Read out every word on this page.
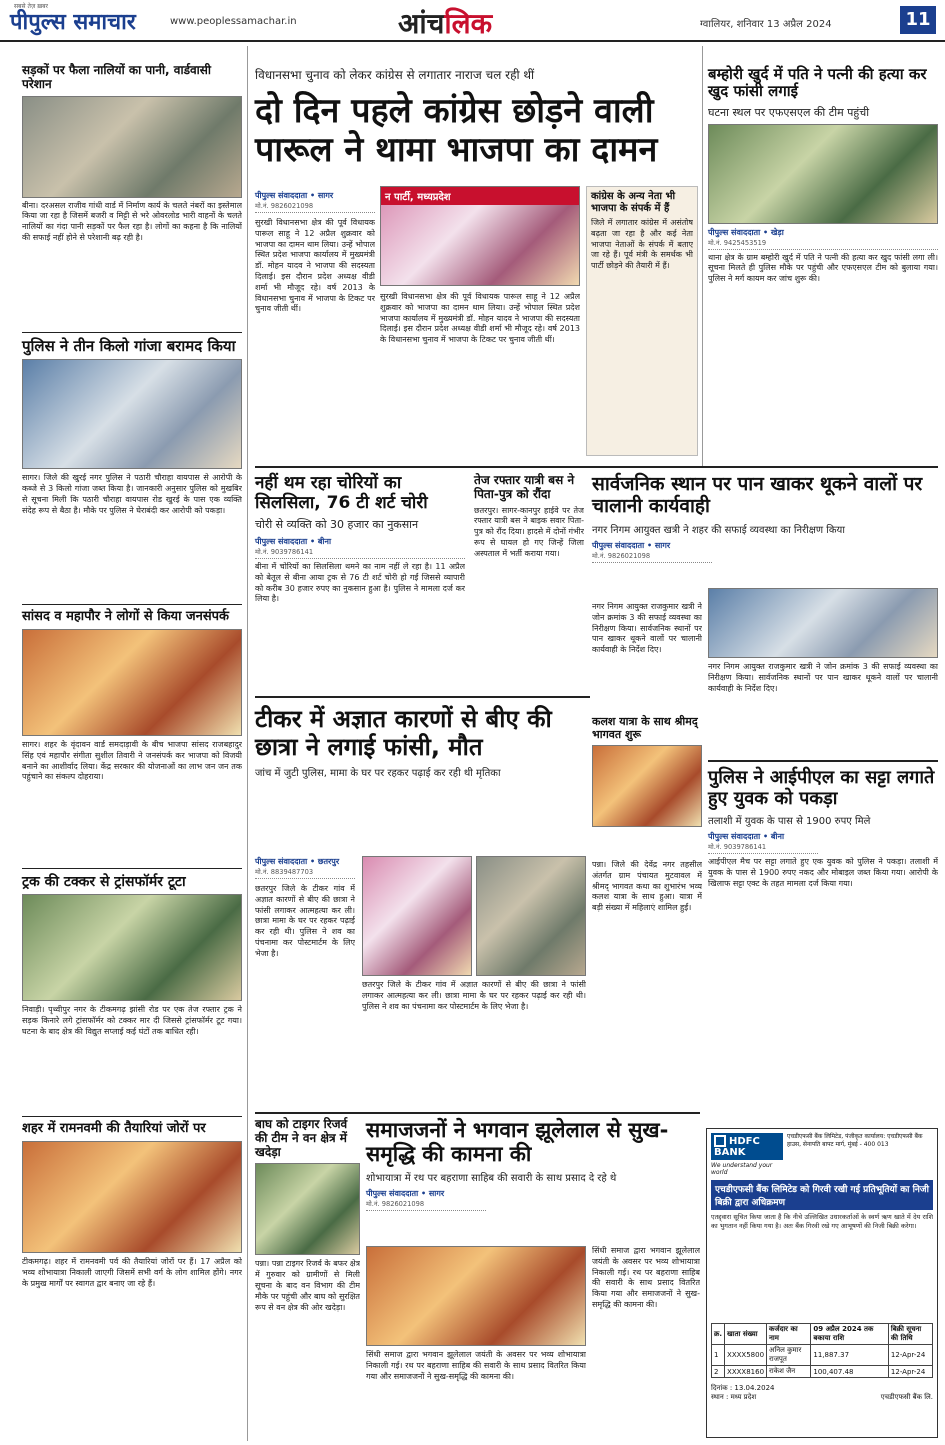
सबसे तेज़ ख़बर
पीपुल्स समाचार	www.peoplessamachar.in	आंचलिक	ग्वालियर, शनिवार 13 अप्रैल 2024	11
सड़कों पर फैला नालियों का पानी, वार्डवासी परेशान
बीना। दरअसल राजीव गांधी वार्ड में निर्माण कार्य के चलते नंबरों का इस्तेमाल किया जा रहा है जिसमें बजरी व मिट्टी से भरे ओवरलोड भारी वाहनों के चलते नालियों का गंदा पानी सड़कों पर फैल रहा है। लोगों का कहना है कि नालियों की सफाई नहीं होने से परेशानी बढ़ रही है।
पुलिस ने तीन किलो गांजा बरामद किया
सागर। जिले की खुरई नगर पुलिस ने पठारी चौराहा वायपास से आरोपी के कब्जे से 3 किलो गांजा जब्त किया है। जानकारी अनुसार पुलिस को मुखबिर से सूचना मिली कि पठारी चौराहा वायपास रोड खुरई के पास एक व्यक्ति संदेह रूप से बैठा है। मौके पर पुलिस ने घेराबंदी कर आरोपी को पकड़ा।
सांसद व महापौर ने लोगों से किया जनसंपर्क
सागर। शहर के वृंदावन वार्ड समदाड़ावी के बीच भाजपा सांसद राजबहादुर सिंह एवं महापौर संगीता सुशील तिवारी ने जनसंपर्क कर भाजपा को विजयी बनाने का आशीर्वाद लिया। केंद्र सरकार की योजनाओं का लाभ जन जन तक पहुंचाने का संकल्प दोहराया।
ट्रक की टक्कर से ट्रांसफॉर्मर टूटा
निवाड़ी। पृथ्वीपुर नगर के टीकमगढ़ झांसी रोड पर एक तेज रफ्तार ट्रक ने सड़क किनारे लगे ट्रांसफॉर्मर को टक्कर मार दी जिससे ट्रांसफॉर्मर टूट गया। घटना के बाद क्षेत्र की विद्युत सप्लाई कई घंटों तक बाधित रही।
शहर में रामनवमी की तैयारियां जोरों पर
टीकमगढ़। शहर में रामनवमी पर्व की तैयारियां जोरों पर हैं। 17 अप्रैल को भव्य शोभायात्रा निकाली जाएगी जिसमें सभी वर्ग के लोग शामिल होंगे। नगर के प्रमुख मार्गों पर स्वागत द्वार बनाए जा रहे हैं।
विधानसभा चुनाव को लेकर कांग्रेस से लगातार नाराज चल रही थीं
दो दिन पहले कांग्रेस छोड़ने वाली पारूल ने थामा भाजपा का दामन
पीपुल्स संवाददाता • सागर
मो.नं. 9826021098
सुरखी विधानसभा क्षेत्र की पूर्व विधायक पारूल साहू ने 12 अप्रैल शुक्रवार को भाजपा का दामन थाम लिया। उन्हें भोपाल स्थित प्रदेश भाजपा कार्यालय में मुख्यमंत्री डॉ. मोहन यादव ने भाजपा की सदस्यता दिलाई। इस दौरान प्रदेश अध्यक्ष वीडी शर्मा भी मौजूद रहे। वर्ष 2013 के विधानसभा चुनाव में भाजपा के टिकट पर चुनाव जीती थीं।
न पार्टी, मध्यप्रदेश
सुरखी विधानसभा क्षेत्र की पूर्व विधायक पारूल साहू ने 12 अप्रैल शुक्रवार को भाजपा का दामन थाम लिया। उन्हें भोपाल स्थित प्रदेश भाजपा कार्यालय में मुख्यमंत्री डॉ. मोहन यादव ने भाजपा की सदस्यता दिलाई। इस दौरान प्रदेश अध्यक्ष वीडी शर्मा भी मौजूद रहे। वर्ष 2013 के विधानसभा चुनाव में भाजपा के टिकट पर चुनाव जीती थीं।
कांग्रेस के अन्य नेता भी भाजपा के संपर्क में हैं
जिले में लगातार कांग्रेस में असंतोष बढ़ता जा रहा है और कई नेता भाजपा नेताओं के संपर्क में बताए जा रहे हैं। पूर्व मंत्री के समर्थक भी पार्टी छोड़ने की तैयारी में हैं।
बम्होरी खुर्द में पति ने पत्नी की हत्या कर खुद फांसी लगाई
घटना स्थल पर एफएसएल की टीम पहुंची
पीपुल्स संवाददाता • खेड़ा
मो.नं. 9425453519
थाना क्षेत्र के ग्राम बम्होरी खुर्द में पति ने पत्नी की हत्या कर खुद फांसी लगा ली। सूचना मिलते ही पुलिस मौके पर पहुंची और एफएसएल टीम को बुलाया गया। पुलिस ने मर्ग कायम कर जांच शुरू की।
नहीं थम रहा चोरियों का सिलसिला, 76 टी शर्ट चोरी
चोरी से व्यक्ति को 30 हजार का नुकसान
पीपुल्स संवाददाता • बीना
मो.नं. 9039786141
बीना में चोरियों का सिलसिला थमने का नाम नहीं ले रहा है। 11 अप्रैल को बेतूल से बीना आया ट्रक से 76 टी शर्ट चोरी हो गईं जिससे व्यापारी को करीब 30 हजार रुपए का नुकसान हुआ है। पुलिस ने मामला दर्ज कर लिया है।
तेज रफ्तार यात्री बस ने पिता-पुत्र को रौंदा
छतरपुर। सागर-कानपुर हाईवे पर तेज रफ्तार यात्री बस ने बाइक सवार पिता-पुत्र को रौंद दिया। हादसे में दोनों गंभीर रूप से घायल हो गए जिन्हें जिला अस्पताल में भर्ती कराया गया।
सार्वजनिक स्थान पर पान खाकर थूकने वालों पर चालानी कार्यवाही
नगर निगम आयुक्त खत्री ने शहर की सफाई व्यवस्था का निरीक्षण किया
पीपुल्स संवाददाता • सागर
मो.नं. 9826021098
नगर निगम आयुक्त राजकुमार खत्री ने जोन क्रमांक 3 की सफाई व्यवस्था का निरीक्षण किया। सार्वजनिक स्थानों पर पान खाकर थूकने वालों पर चालानी कार्यवाही के निर्देश दिए।
नगर निगम आयुक्त राजकुमार खत्री ने जोन क्रमांक 3 की सफाई व्यवस्था का निरीक्षण किया। सार्वजनिक स्थानों पर पान खाकर थूकने वालों पर चालानी कार्यवाही के निर्देश दिए।
कलश यात्रा के साथ श्रीमद् भागवत शुरू
पन्ना। जिले की देवेंद्र नगर तहसील अंतर्गत ग्राम पंचायत मुटवावल में श्रीमद् भागवत कथा का शुभारंभ भव्य कलश यात्रा के साथ हुआ। यात्रा में बड़ी संख्या में महिलाएं शामिल हुईं।
टीकर में अज्ञात कारणों से बीए की छात्रा ने लगाई फांसी, मौत
जांच में जुटी पुलिस, मामा के घर पर रहकर पढ़ाई कर रही थी मृतिका
पीपुल्स संवाददाता • छतरपुर
मो.नं. 8839487703
छतरपुर जिले के टीकर गांव में अज्ञात कारणों से बीए की छात्रा ने फांसी लगाकर आत्महत्या कर ली। छात्रा मामा के घर पर रहकर पढ़ाई कर रही थी। पुलिस ने शव का पंचनामा कर पोस्टमार्टम के लिए भेजा है।
छतरपुर जिले के टीकर गांव में अज्ञात कारणों से बीए की छात्रा ने फांसी लगाकर आत्महत्या कर ली। छात्रा मामा के घर पर रहकर पढ़ाई कर रही थी। पुलिस ने शव का पंचनामा कर पोस्टमार्टम के लिए भेजा है।
पुलिस ने आईपीएल का सट्टा लगाते हुए युवक को पकड़ा
तलाशी में युवक के पास से 1900 रुपए मिले
पीपुल्स संवाददाता • बीना
मो.नं. 9039786141
आईपीएल मैच पर सट्टा लगाते हुए एक युवक को पुलिस ने पकड़ा। तलाशी में युवक के पास से 1900 रुपए नकद और मोबाइल जब्त किया गया। आरोपी के खिलाफ सट्टा एक्ट के तहत मामला दर्ज किया गया।
बाघ को टाइगर रिजर्व की टीम ने वन क्षेत्र में खदेड़ा
पन्ना। पन्ना टाइगर रिजर्व के बफर क्षेत्र में गुरुवार को ग्रामीणों से मिली सूचना के बाद वन विभाग की टीम मौके पर पहुंची और बाघ को सुरक्षित रूप से वन क्षेत्र की ओर खदेड़ा।
समाजजनों ने भगवान झूलेलाल से सुख-समृद्धि की कामना की
शोभायात्रा में रथ पर बहराणा साहिब की सवारी के साथ प्रसाद दे रहे थे
पीपुल्स संवाददाता • सागर
मो.नं. 9826021098
सिंधी समाज द्वारा भगवान झूलेलाल जयंती के अवसर पर भव्य शोभायात्रा निकाली गई। रथ पर बहराणा साहिब की सवारी के साथ प्रसाद वितरित किया गया और समाजजनों ने सुख-समृद्धि की कामना की।
सिंधी समाज द्वारा भगवान झूलेलाल जयंती के अवसर पर भव्य शोभायात्रा निकाली गई। रथ पर बहराणा साहिब की सवारी के साथ प्रसाद वितरित किया गया और समाजजनों ने सुख-समृद्धि की कामना की।
HDFC BANK
We understand your world
एचडीएफसी बैंक लिमिटेड, पंजीकृत कार्यालय: एचडीएफसी बैंक हाउस, सेनापति बापट मार्ग, मुंबई - 400 013
एचडीएफसी बैंक लिमिटेड को गिरवी रखी गई प्रतिभूतियों का निजी बिक्री द्वारा अधिक्रमण
एतद्द्वारा सूचित किया जाता है कि नीचे उल्लिखित उधारकर्ताओं के स्वर्ण ऋण खाते में देय राशि का भुगतान नहीं किया गया है। अतः बैंक गिरवी रखे गए आभूषणों की निजी बिक्री करेगा।
क्र.	खाता संख्या	कर्जदार का नाम	09 अप्रैल 2024 तक बकाया राशि	बिक्री सूचना की तिथि
1	XXXX5800	अनिल कुमार राजपूत	11,887.37	12-Apr-24
2	XXXX8160	राकेश जैन	100,407.48	12-Apr-24
दिनांक : 13.04.2024
स्थान : मध्य प्रदेश	एचडीएफसी बैंक लि.
